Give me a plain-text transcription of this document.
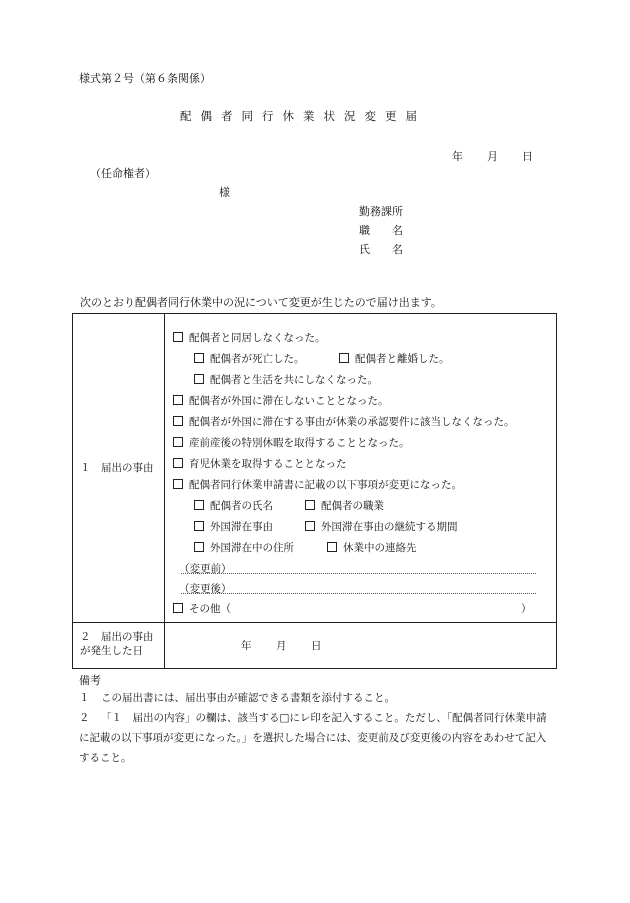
様式第２号（第６条関係）
配 偶 者 同 行 休 業 状 況 変 更 届
年 月 日
（任命権者）
様
勤務課所
職　　名
氏　　名
次のとおり配偶者同行休業中の況について変更が生じたので届け出ます。
１　届出の事由
配偶者と同居しなくなった。
配偶者が死亡した。	配偶者と離婚した。
配偶者と生活を共にしなくなった。
配偶者が外国に滞在しないこととなった。
配偶者が外国に滞在する事由が休業の承認要件に該当しなくなった。
産前産後の特別休暇を取得することとなった。
育児休業を取得することとなった
配偶者同行休業申請書に記載の以下事項が変更になった。
配偶者の氏名	配偶者の職業
外国滞在事由	外国滞在事由の継続する期間
外国滞在中の住所	休業中の連絡先
（変更前）
（変更後）
その他（	）
２　届出の事由
が発生した日	年 月 日
備考
１ この届出書には、届出事由が確認できる書類を添付すること。
２ 「１　届出の内容」の欄は、該当する□にレ印を記入すること。ただし、「配偶者同行休業申請に記載の以下事項が変更になった。」を選択した場合には、変更前及び変更後の内容をあわせて記入すること。
